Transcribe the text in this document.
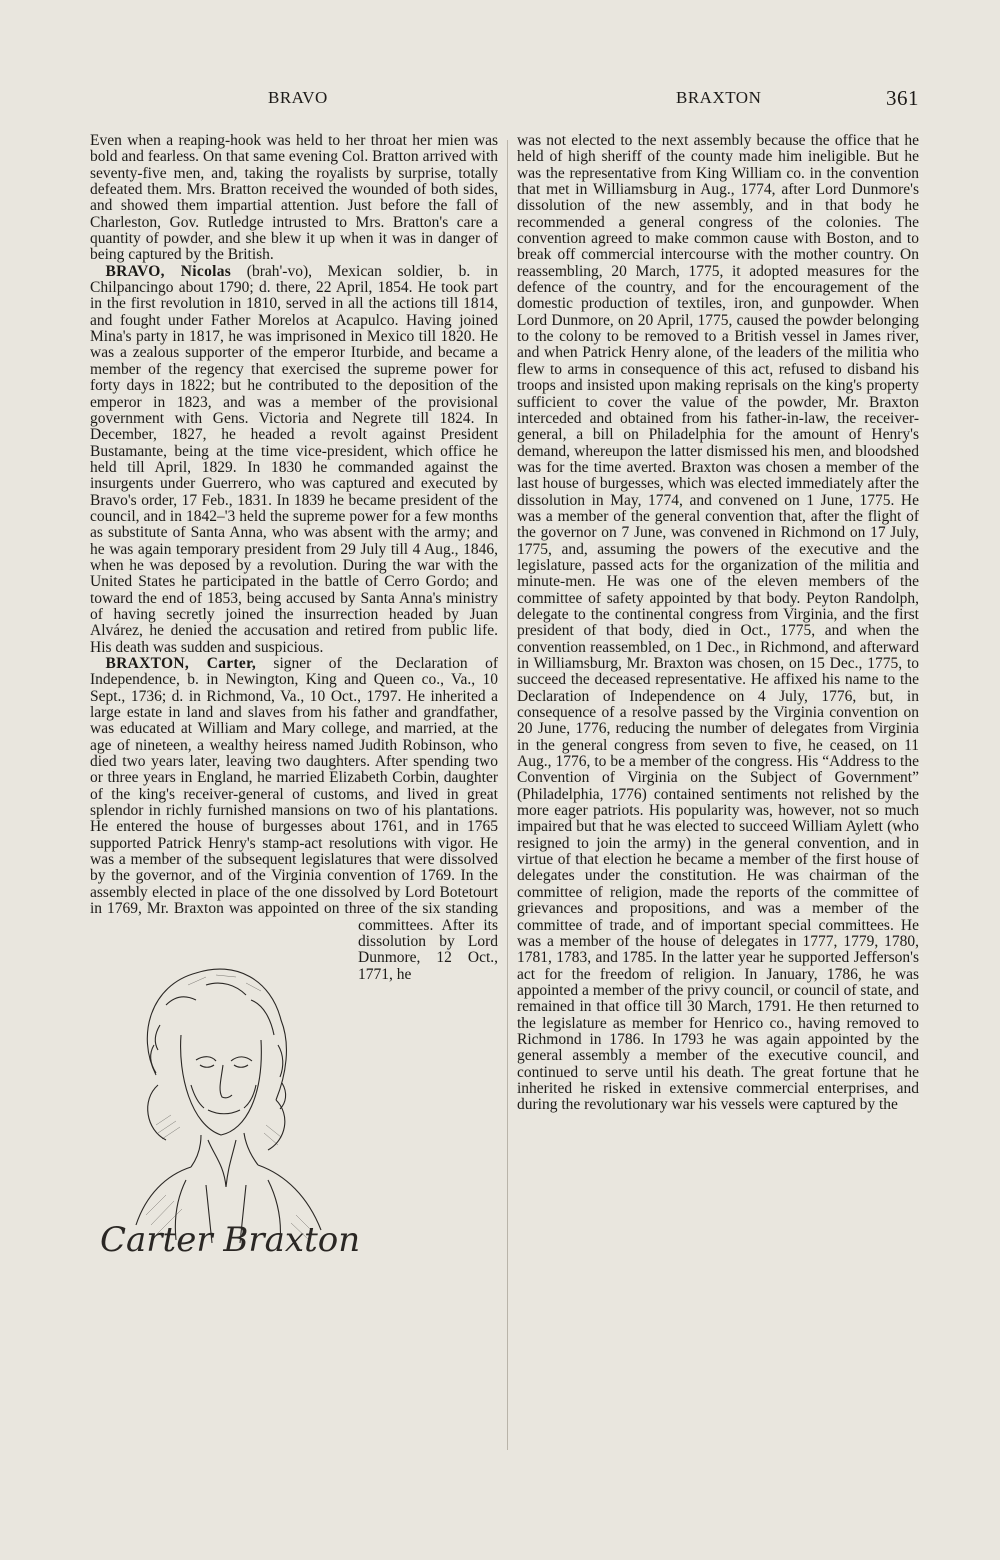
BRAVO	BRAXTON	361

Even when a reaping-hook was held to her throat her mien was bold and fearless. On that same evening Col. Bratton arrived with seventy-five men, and, taking the royalists by surprise, totally defeated them. Mrs. Bratton received the wounded of both sides, and showed them impartial attention. Just before the fall of Charleston, Gov. Rutledge intrusted to Mrs. Bratton's care a quantity of powder, and she blew it up when it was in danger of being captured by the British.

 BRAVO, Nicolas (brah'-vo), Mexican soldier, b. in Chilpancingo about 1790; d. there, 22 April, 1854. He took part in the first revolution in 1810, served in all the actions till 1814, and fought under Father Morelos at Acapulco. Having joined Mina's party in 1817, he was imprisoned in Mexico till 1820. He was a zealous supporter of the emperor Iturbide, and became a member of the regency that exercised the supreme power for forty days in 1822; but he contributed to the deposition of the emperor in 1823, and was a member of the provisional government with Gens. Victoria and Negrete till 1824. In December, 1827, he headed a revolt against President Bustamante, being at the time vice-president, which office he held till April, 1829. In 1830 he commanded against the insurgents under Guerrero, who was captured and executed by Bravo's order, 17 Feb., 1831. In 1839 he became president of the council, and in 1842–'3 held the supreme power for a few months as substitute of Santa Anna, who was absent with the army; and he was again temporary president from 29 July till 4 Aug., 1846, when he was deposed by a revolution. During the war with the United States he participated in the battle of Cerro Gordo; and toward the end of 1853, being accused by Santa Anna's ministry of having secretly joined the insurrection headed by Juan Alvárez, he denied the accusation and retired from public life. His death was sudden and suspicious.

 BRAXTON, Carter, signer of the Declaration of Independence, b. in Newington, King and Queen co., Va., 10 Sept., 1736; d. in Richmond, Va., 10 Oct., 1797. He inherited a large estate in land and slaves from his father and grandfather, was educated at William and Mary college, and married, at the age of nineteen, a wealthy heiress named Judith Robinson, who died two years later, leaving two daughters. After spending two or three years in England, he married Elizabeth Corbin, daughter of the king's receiver-general of customs, and lived in great splendor in richly furnished mansions on two of his plantations. He entered the house of burgesses about 1761, and in 1765 supported Patrick Henry's stamp-act resolutions with vigor. He was a member of the subsequent legislatures that were dissolved by the governor, and of the Virginia convention of 1769. In the assembly elected in place of the one dissolved by Lord Botetourt in 1769, Mr. Braxton was appointed on three of the six standing committees. After its dissolution by Lord Dunmore, 12 Oct., 1771, he

was not elected to the next assembly because the office that he held of high sheriff of the county made him ineligible. But he was the representative from King William co. in the convention that met in Williamsburg in Aug., 1774, after Lord Dunmore's dissolution of the new assembly, and in that body he recommended a general congress of the colonies. The convention agreed to make common cause with Boston, and to break off commercial intercourse with the mother country. On reassembling, 20 March, 1775, it adopted measures for the defence of the country, and for the encouragement of the domestic production of textiles, iron, and gunpowder. When Lord Dunmore, on 20 April, 1775, caused the powder belonging to the colony to be removed to a British vessel in James river, and when Patrick Henry alone, of the leaders of the militia who flew to arms in consequence of this act, refused to disband his troops and insisted upon making reprisals on the king's property sufficient to cover the value of the powder, Mr. Braxton interceded and obtained from his father-in-law, the receiver-general, a bill on Philadelphia for the amount of Henry's demand, whereupon the latter dismissed his men, and bloodshed was for the time averted. Braxton was chosen a member of the last house of burgesses, which was elected immediately after the dissolution in May, 1774, and convened on 1 June, 1775. He was a member of the general convention that, after the flight of the governor on 7 June, was convened in Richmond on 17 July, 1775, and, assuming the powers of the executive and the legislature, passed acts for the organization of the militia and minute-men. He was one of the eleven members of the committee of safety appointed by that body. Peyton Randolph, delegate to the continental congress from Virginia, and the first president of that body, died in Oct., 1775, and when the convention reassembled, on 1 Dec., in Richmond, and afterward in Williamsburg, Mr. Braxton was chosen, on 15 Dec., 1775, to succeed the deceased representative. He affixed his name to the Declaration of Independence on 4 July, 1776, but, in consequence of a resolve passed by the Virginia convention on 20 June, 1776, reducing the number of delegates from Virginia in the general congress from seven to five, he ceased, on 11 Aug., 1776, to be a member of the congress. His “Address to the Convention of Virginia on the Subject of Government” (Philadelphia, 1776) contained sentiments not relished by the more eager patriots. His popularity was, however, not so much impaired but that he was elected to succeed William Aylett (who resigned to join the army) in the general convention, and in virtue of that election he became a member of the first house of delegates under the constitution. He was chairman of the committee of religion, made the reports of the committee of grievances and propositions, and was a member of the committee of trade, and of important special committees. He was a member of the house of delegates in 1777, 1779, 1780, 1781, 1783, and 1785. In the latter year he supported Jefferson's act for the freedom of religion. In January, 1786, he was appointed a member of the privy council, or council of state, and remained in that office till 30 March, 1791. He then returned to the legislature as member for Henrico co., having removed to Richmond in 1786. In 1793 he was again appointed by the general assembly a member of the executive council, and continued to serve until his death. The great fortune that he inherited he risked in extensive commercial enterprises, and during the revolutionary war his vessels were captured by the

Carter Braxton
